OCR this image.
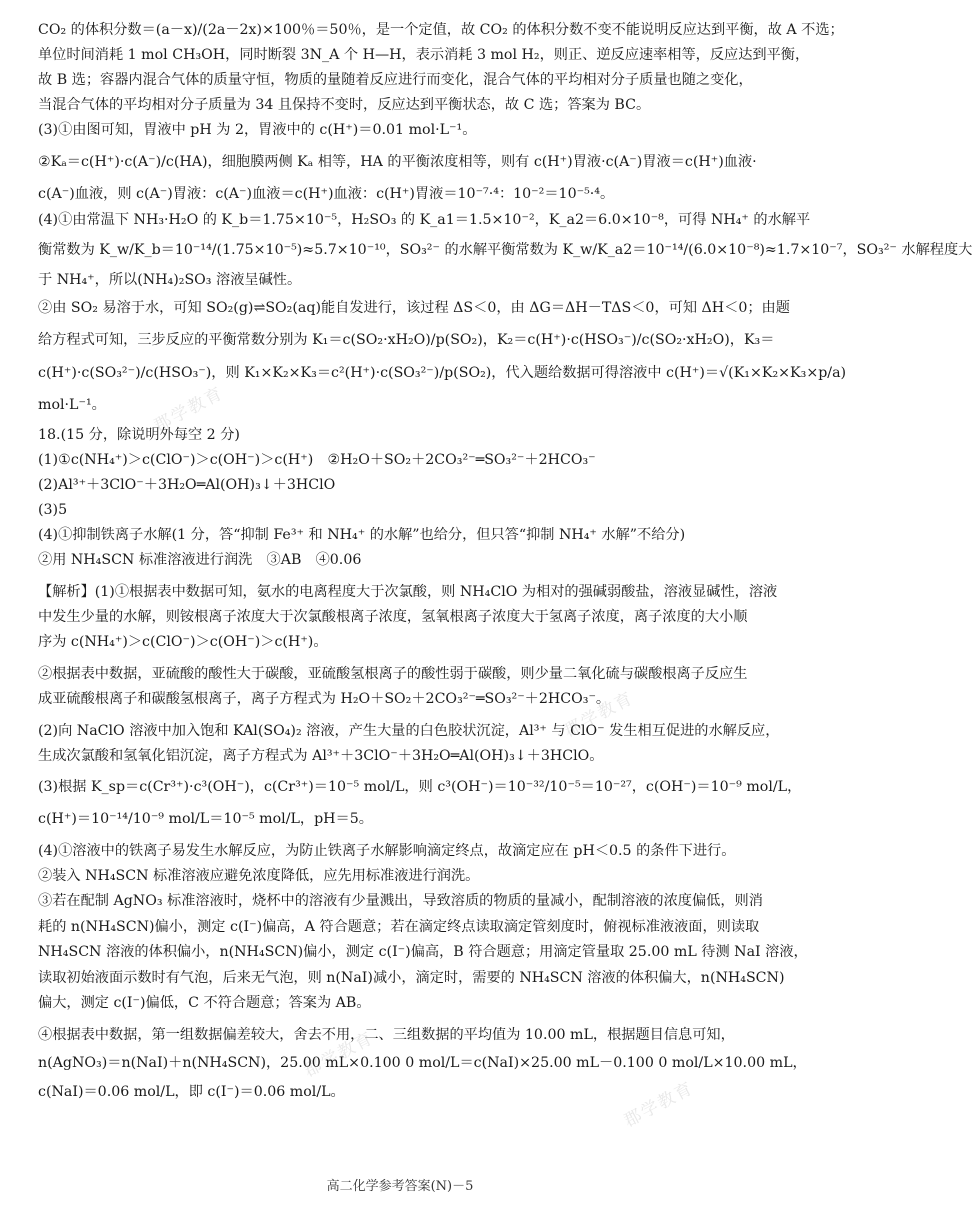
郡学教育
郡学教育
郡学教育
郡学教育
CO₂ 的体积分数＝(a－x)/(2a－2x)×100％＝50％，是一个定值，故 CO₂ 的体积分数不变不能说明反应达到平衡，故 A 不选；
单位时间消耗 1 mol CH₃OH，同时断裂 3N_A 个 H—H，表示消耗 3 mol H₂，则正、逆反应速率相等，反应达到平衡，
故 B 选；容器内混合气体的质量守恒，物质的量随着反应进行而变化，混合气体的平均相对分子质量也随之变化，
当混合气体的平均相对分子质量为 34 且保持不变时，反应达到平衡状态，故 C 选；答案为 BC。
(3)①由图可知，胃液中 pH 为 2，胃液中的 c(H⁺)＝0.01 mol·L⁻¹。
②Kₐ＝c(H⁺)·c(A⁻)/c(HA)，细胞膜两侧 Kₐ 相等，HA 的平衡浓度相等，则有 c(H⁺)胃液·c(A⁻)胃液＝c(H⁺)血液·
c(A⁻)血液，则 c(A⁻)胃液：c(A⁻)血液＝c(H⁺)血液：c(H⁺)胃液＝10⁻⁷·⁴：10⁻²＝10⁻⁵·⁴。
(4)①由常温下 NH₃·H₂O 的 K_b＝1.75×10⁻⁵，H₂SO₃ 的 K_a1＝1.5×10⁻²，K_a2＝6.0×10⁻⁸，可得 NH₄⁺ 的水解平
衡常数为 K_w/K_b＝10⁻¹⁴/(1.75×10⁻⁵)≈5.7×10⁻¹⁰，SO₃²⁻ 的水解平衡常数为 K_w/K_a2＝10⁻¹⁴/(6.0×10⁻⁸)≈1.7×10⁻⁷，SO₃²⁻ 水解程度大
于 NH₄⁺，所以(NH₄)₂SO₃ 溶液呈碱性。
②由 SO₂ 易溶于水，可知 SO₂(g)⇌SO₂(aq)能自发进行，该过程 ΔS＜0，由 ΔG＝ΔH－TΔS＜0，可知 ΔH＜0；由题
给方程式可知，三步反应的平衡常数分别为 K₁＝c(SO₂·xH₂O)/p(SO₂)，K₂＝c(H⁺)·c(HSO₃⁻)/c(SO₂·xH₂O)，K₃＝
c(H⁺)·c(SO₃²⁻)/c(HSO₃⁻)，则 K₁×K₂×K₃＝c²(H⁺)·c(SO₃²⁻)/p(SO₂)，代入题给数据可得溶液中 c(H⁺)＝√(K₁×K₂×K₃×p/a)
mol·L⁻¹。
18.(15 分，除说明外每空 2 分)
(1)①c(NH₄⁺)＞c(ClO⁻)＞c(OH⁻)＞c(H⁺)　②H₂O＋SO₂＋2CO₃²⁻═SO₃²⁻＋2HCO₃⁻
(2)Al³⁺＋3ClO⁻＋3H₂O═Al(OH)₃↓＋3HClO
(3)5
(4)①抑制铁离子水解(1 分，答“抑制 Fe³⁺ 和 NH₄⁺ 的水解”也给分，但只答“抑制 NH₄⁺ 水解”不给分)
②用 NH₄SCN 标准溶液进行润洗　③AB　④0.06
【解析】(1)①根据表中数据可知，氨水的电离程度大于次氯酸，则 NH₄ClO 为相对的强碱弱酸盐，溶液显碱性，溶液
中发生少量的水解，则铵根离子浓度大于次氯酸根离子浓度，氢氧根离子浓度大于氢离子浓度，离子浓度的大小顺
序为 c(NH₄⁺)＞c(ClO⁻)＞c(OH⁻)＞c(H⁺)。
②根据表中数据，亚硫酸的酸性大于碳酸，亚硫酸氢根离子的酸性弱于碳酸，则少量二氧化硫与碳酸根离子反应生
成亚硫酸根离子和碳酸氢根离子，离子方程式为 H₂O＋SO₂＋2CO₃²⁻═SO₃²⁻＋2HCO₃⁻。
(2)向 NaClO 溶液中加入饱和 KAl(SO₄)₂ 溶液，产生大量的白色胶状沉淀，Al³⁺ 与 ClO⁻ 发生相互促进的水解反应，
生成次氯酸和氢氧化铝沉淀，离子方程式为 Al³⁺＋3ClO⁻＋3H₂O═Al(OH)₃↓＋3HClO。
(3)根据 K_sp＝c(Cr³⁺)·c³(OH⁻)，c(Cr³⁺)＝10⁻⁵ mol/L，则 c³(OH⁻)＝10⁻³²/10⁻⁵＝10⁻²⁷，c(OH⁻)＝10⁻⁹ mol/L，
c(H⁺)＝10⁻¹⁴/10⁻⁹ mol/L＝10⁻⁵ mol/L，pH＝5。
(4)①溶液中的铁离子易发生水解反应，为防止铁离子水解影响滴定终点，故滴定应在 pH＜0.5 的条件下进行。
②装入 NH₄SCN 标准溶液应避免浓度降低，应先用标准液进行润洗。
③若在配制 AgNO₃ 标准溶液时，烧杯中的溶液有少量溅出，导致溶质的物质的量减小，配制溶液的浓度偏低，则消
耗的 n(NH₄SCN)偏小，测定 c(I⁻)偏高，A 符合题意；若在滴定终点读取滴定管刻度时，俯视标准液液面，则读取
NH₄SCN 溶液的体积偏小，n(NH₄SCN)偏小，测定 c(I⁻)偏高，B 符合题意；用滴定管量取 25.00 mL 待测 NaI 溶液，
读取初始液面示数时有气泡，后来无气泡，则 n(NaI)减小，滴定时，需要的 NH₄SCN 溶液的体积偏大，n(NH₄SCN)
偏大，测定 c(I⁻)偏低，C 不符合题意；答案为 AB。
④根据表中数据，第一组数据偏差较大，舍去不用，二、三组数据的平均值为 10.00 mL，根据题目信息可知，
n(AgNO₃)＝n(NaI)＋n(NH₄SCN)，25.00 mL×0.100 0 mol/L＝c(NaI)×25.00 mL－0.100 0 mol/L×10.00 mL，
c(NaI)＝0.06 mol/L，即 c(I⁻)＝0.06 mol/L。
高二化学参考答案(N)－5
